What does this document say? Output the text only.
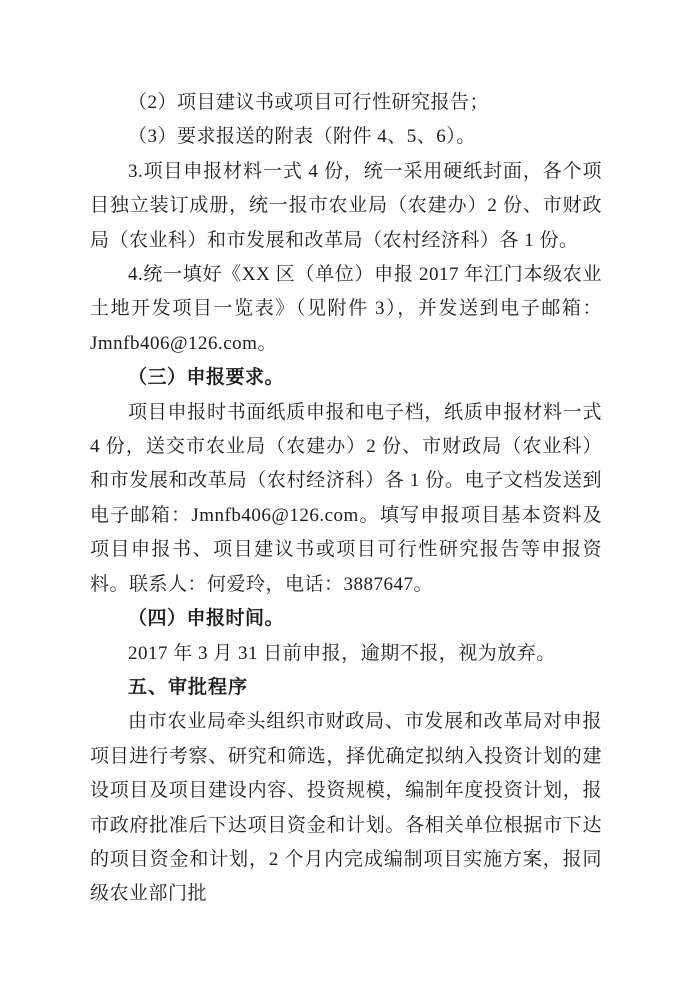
（2）项目建议书或项目可行性研究报告；

（3）要求报送的附表（附件 4、5、6）。

3.项目申报材料一式 4 份，统一采用硬纸封面，各个项目独立装订成册，统一报市农业局（农建办）2 份、市财政局（农业科）和市发展和改革局（农村经济科）各 1 份。

4.统一填好《XX 区（单位）申报 2017 年江门本级农业土地开发项目一览表》（见附件 3），并发送到电子邮箱：Jmnfb406@126.com。

（三）申报要求。

项目申报时书面纸质申报和电子档，纸质申报材料一式 4 份，送交市农业局（农建办）2 份、市财政局（农业科）和市发展和改革局（农村经济科）各 1 份。电子文档发送到电子邮箱：Jmnfb406@126.com。填写申报项目基本资料及项目申报书、项目建议书或项目可行性研究报告等申报资料。联系人：何爱玲，电话：3887647。

（四）申报时间。

2017 年 3 月 31 日前申报，逾期不报，视为放弃。

五、审批程序

由市农业局牵头组织市财政局、市发展和改革局对申报项目进行考察、研究和筛选，择优确定拟纳入投资计划的建设项目及项目建设内容、投资规模，编制年度投资计划，报市政府批准后下达项目资金和计划。各相关单位根据市下达的项目资金和计划，2 个月内完成编制项目实施方案，报同级农业部门批
